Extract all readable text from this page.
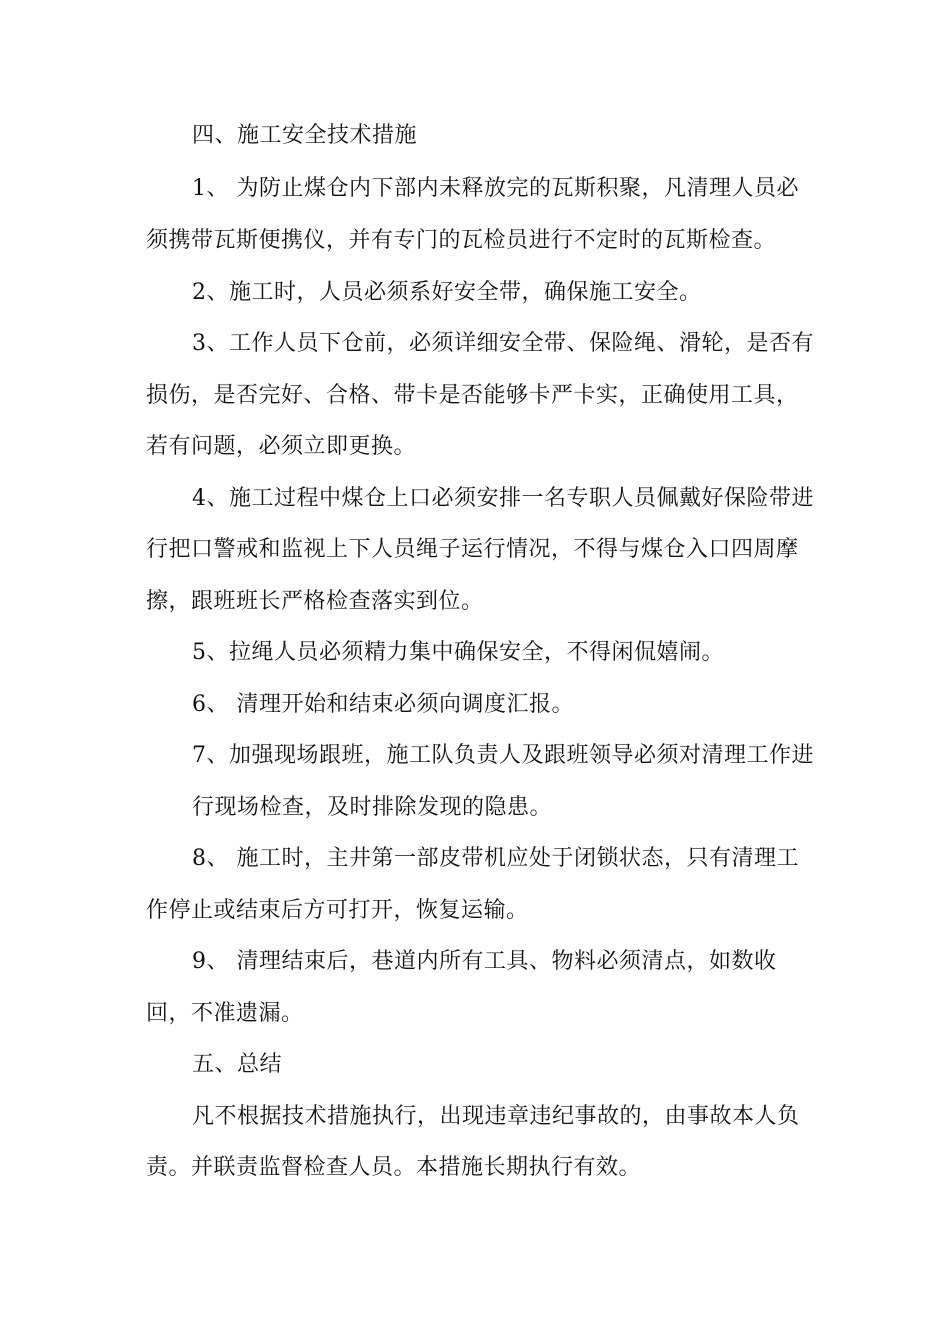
四、施工安全技术措施
1、 为防止煤仓内下部内未释放完的瓦斯积聚，凡清理人员必
须携带瓦斯便携仪，并有专门的瓦检员进行不定时的瓦斯检查。
2、施工时，人员必须系好安全带，确保施工安全。
3、工作人员下仓前，必须详细安全带、保险绳、滑轮，是否有
损伤，是否完好、合格、带卡是否能够卡严卡实，正确使用工具，
若有问题，必须立即更换。
4、施工过程中煤仓上口必须安排一名专职人员佩戴好保险带进
行把口警戒和监视上下人员绳子运行情况，不得与煤仓入口四周摩
擦，跟班班长严格检查落实到位。
5、拉绳人员必须精力集中确保安全，不得闲侃嬉闹。
6、 清理开始和结束必须向调度汇报。
7、加强现场跟班，施工队负责人及跟班领导必须对清理工作进
行现场检查，及时排除发现的隐患。
8、 施工时，主井第一部皮带机应处于闭锁状态，只有清理工
作停止或结束后方可打开，恢复运输。
9、 清理结束后，巷道内所有工具、物料必须清点，如数收
回，不准遗漏。
五、总结
凡不根据技术措施执行，出现违章违纪事故的，由事故本人负
责。并联责监督检查人员。本措施长期执行有效。
